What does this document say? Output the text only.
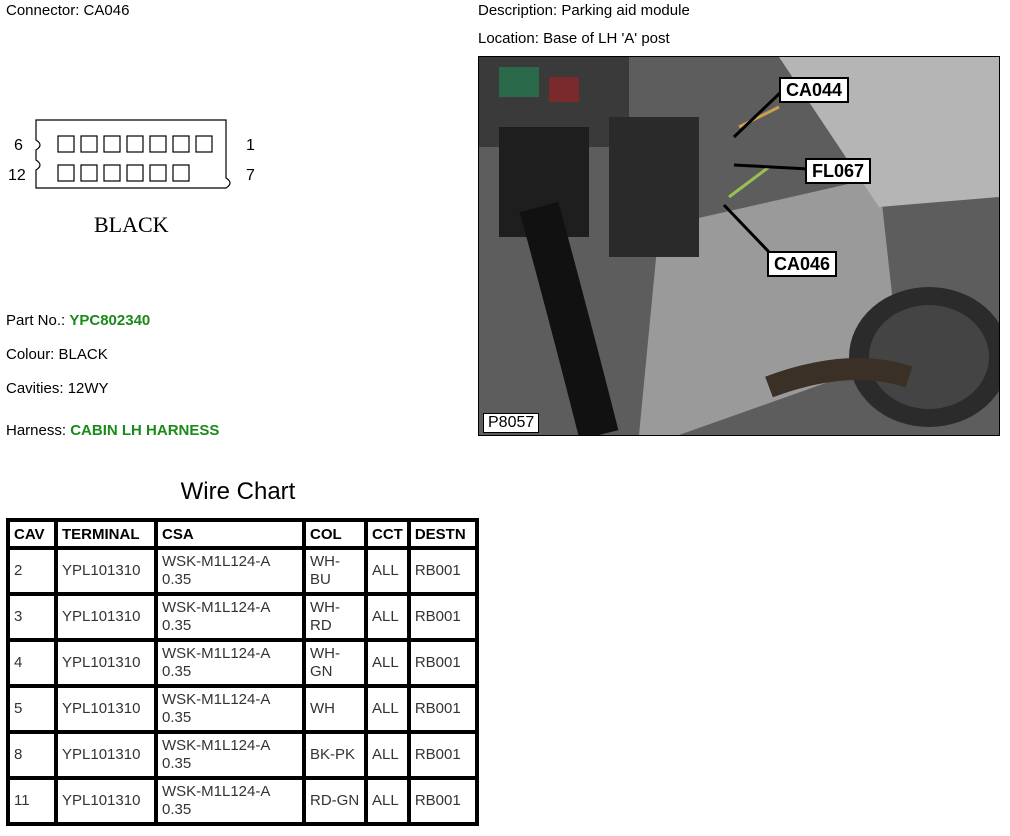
Connector: CA046	Description: Parking aid module
Location: Base of LH 'A' post
6
12
1
7
BLACK
Part No.: YPC802340
Colour: BLACK
Cavities: 12WY
Harness: CABIN LH HARNESS
CA044
FL067
CA046
P8057
Wire Chart
CAV	TERMINAL	CSA	COL	CCT	DESTN
2	YPL101310	WSK-M1L124-A 0.35	WH-BU	ALL	RB001
3	YPL101310	WSK-M1L124-A 0.35	WH-RD	ALL	RB001
4	YPL101310	WSK-M1L124-A 0.35	WH-GN	ALL	RB001
5	YPL101310	WSK-M1L124-A 0.35	WH	ALL	RB001
8	YPL101310	WSK-M1L124-A 0.35	BK-PK	ALL	RB001
11	YPL101310	WSK-M1L124-A 0.35	RD-GN	ALL	RB001
